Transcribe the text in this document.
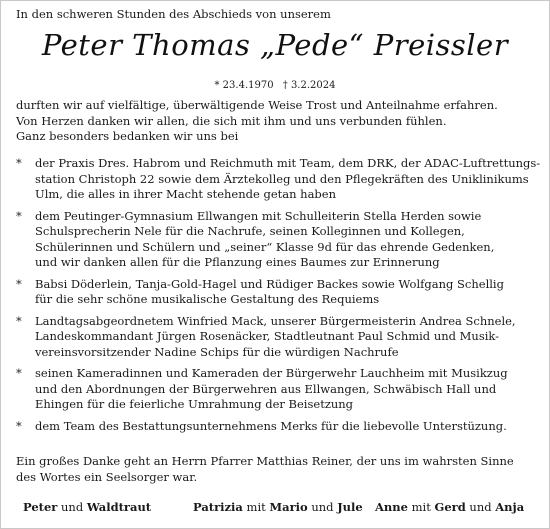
In den schweren Stunden des Abschieds von unserem
Peter Thomas „Pede“ Preissler
* 23.4.1970 † 3.2.2024
durften wir auf vielfältige, überwältigende Weise Trost und Anteilnahme erfahren.
Von Herzen danken wir allen, die sich mit ihm und uns verbunden fühlen.
Ganz besonders bedanken wir uns bei
*	der Praxis Dres. Habrom und Reichmuth mit Team, dem DRK, der ADAC-Luftrettungs-
station Christoph 22 sowie dem Ärztekolleg und den Pflegekräften des Uniklinikums
Ulm, die alles in ihrer Macht stehende getan haben
*	dem Peutinger-Gymnasium Ellwangen mit Schulleiterin Stella Herden sowie
Schulsprecherin Nele für die Nachrufe, seinen Kolleginnen und Kollegen,
Schülerinnen und Schülern und „seiner“ Klasse 9d für das ehrende Gedenken,
und wir danken allen für die Pflanzung eines Baumes zur Erinnerung
*	Babsi Döderlein, Tanja-Gold-Hagel und Rüdiger Backes sowie Wolfgang Schellig
für die sehr schöne musikalische Gestaltung des Requiems
*	Landtagsabgeordnetem Winfried Mack, unserer Bürgermeisterin Andrea Schnele,
Landeskommandant Jürgen Rosenäcker, Stadtleutnant Paul Schmid und Musik-
vereinsvorsitzender Nadine Schips für die würdigen Nachrufe
*	seinen Kameradinnen und Kameraden der Bürgerwehr Lauchheim mit Musikzug
und den Abordnungen der Bürgerwehren aus Ellwangen, Schwäbisch Hall und
Ehingen für die feierliche Umrahmung der Beisetzung
*	dem Team des Bestattungsunternehmens Merks für die liebevolle Unterstüzung.
Ein großes Danke geht an Herrn Pfarrer Matthias Reiner, der uns im wahrsten Sinne
des Wortes ein Seelsorger war.
Peter und Waldtraut	Patrizia mit Mario und Jule Anne mit Gerd und Anja
